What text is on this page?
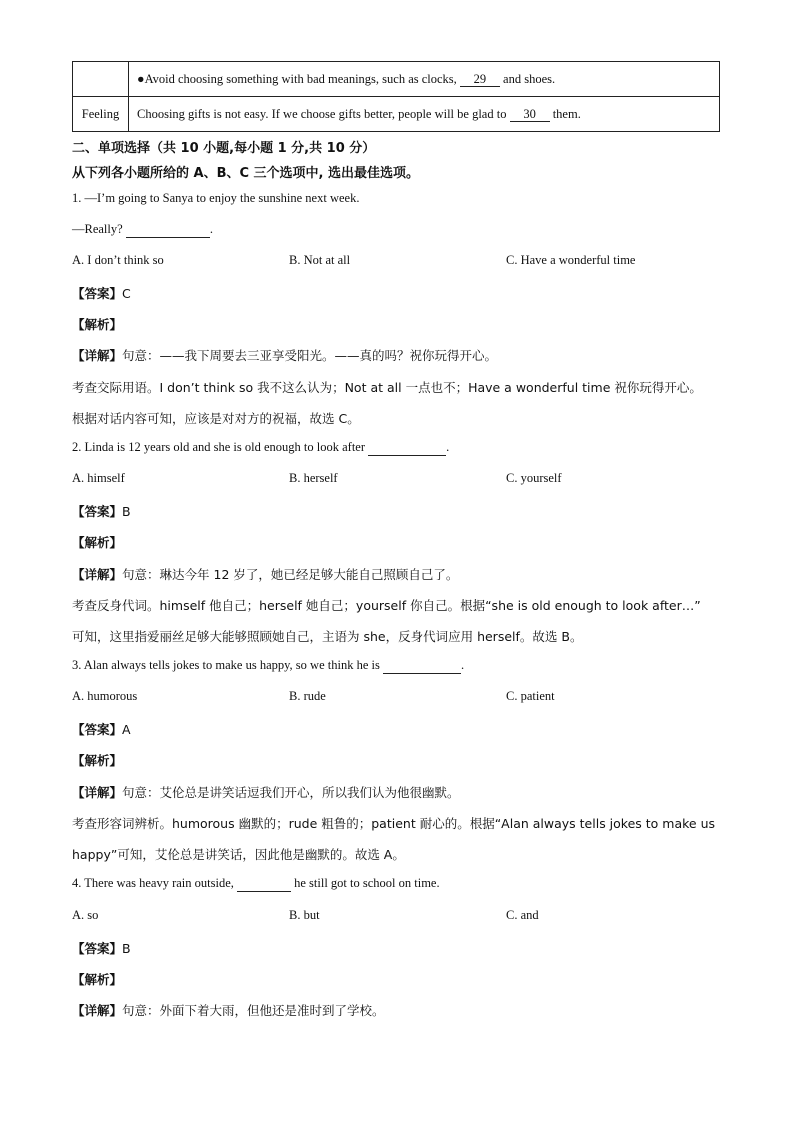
	●Avoid choosing something with bad meanings, such as clocks, 29 and shoes.
Feeling	Choosing gifts is not easy. If we choose gifts better, people will be glad to 30 them.
二、单项选择（共 10 小题,每小题 1 分,共 10 分）
从下列各小题所给的 A、B、C 三个选项中, 选出最佳选项。
1. —I’m going to Sanya to enjoy the sunshine next week.
—Really?	.
A. I don’t think so	B. Not at all	C. Have a wonderful time
【答案】C
【解析】
【详解】句意：——我下周要去三亚享受阳光。——真的吗？祝你玩得开心。
考查交际用语。I don’t think so 我不这么认为；Not at all 一点也不；Have a wonderful time 祝你玩得开心。
根据对话内容可知，应该是对对方的祝福，故选 C。
2. Linda is 12 years old and she is old enough to look after	.
A. himself	B. herself	C. yourself
【答案】B
【解析】
【详解】句意：琳达今年 12 岁了，她已经足够大能自己照顾自己了。
考查反身代词。himself 他自己；herself 她自己；yourself 你自己。根据“she is old enough to look after…”
可知，这里指爱丽丝足够大能够照顾她自己，主语为 she，反身代词应用 herself。故选 B。
3. Alan always tells jokes to make us happy, so we think he is	.
A. humorous	B. rude	C. patient
【答案】A
【解析】
【详解】句意：艾伦总是讲笑话逗我们开心，所以我们认为他很幽默。
考查形容词辨析。humorous 幽默的；rude 粗鲁的；patient 耐心的。根据“Alan always tells jokes to make us
happy”可知，艾伦总是讲笑话，因此他是幽默的。故选 A。
4. There was heavy rain outside,	he still got to school on time.
A. so	B. but	C. and
【答案】B
【解析】
【详解】句意：外面下着大雨，但他还是准时到了学校。
